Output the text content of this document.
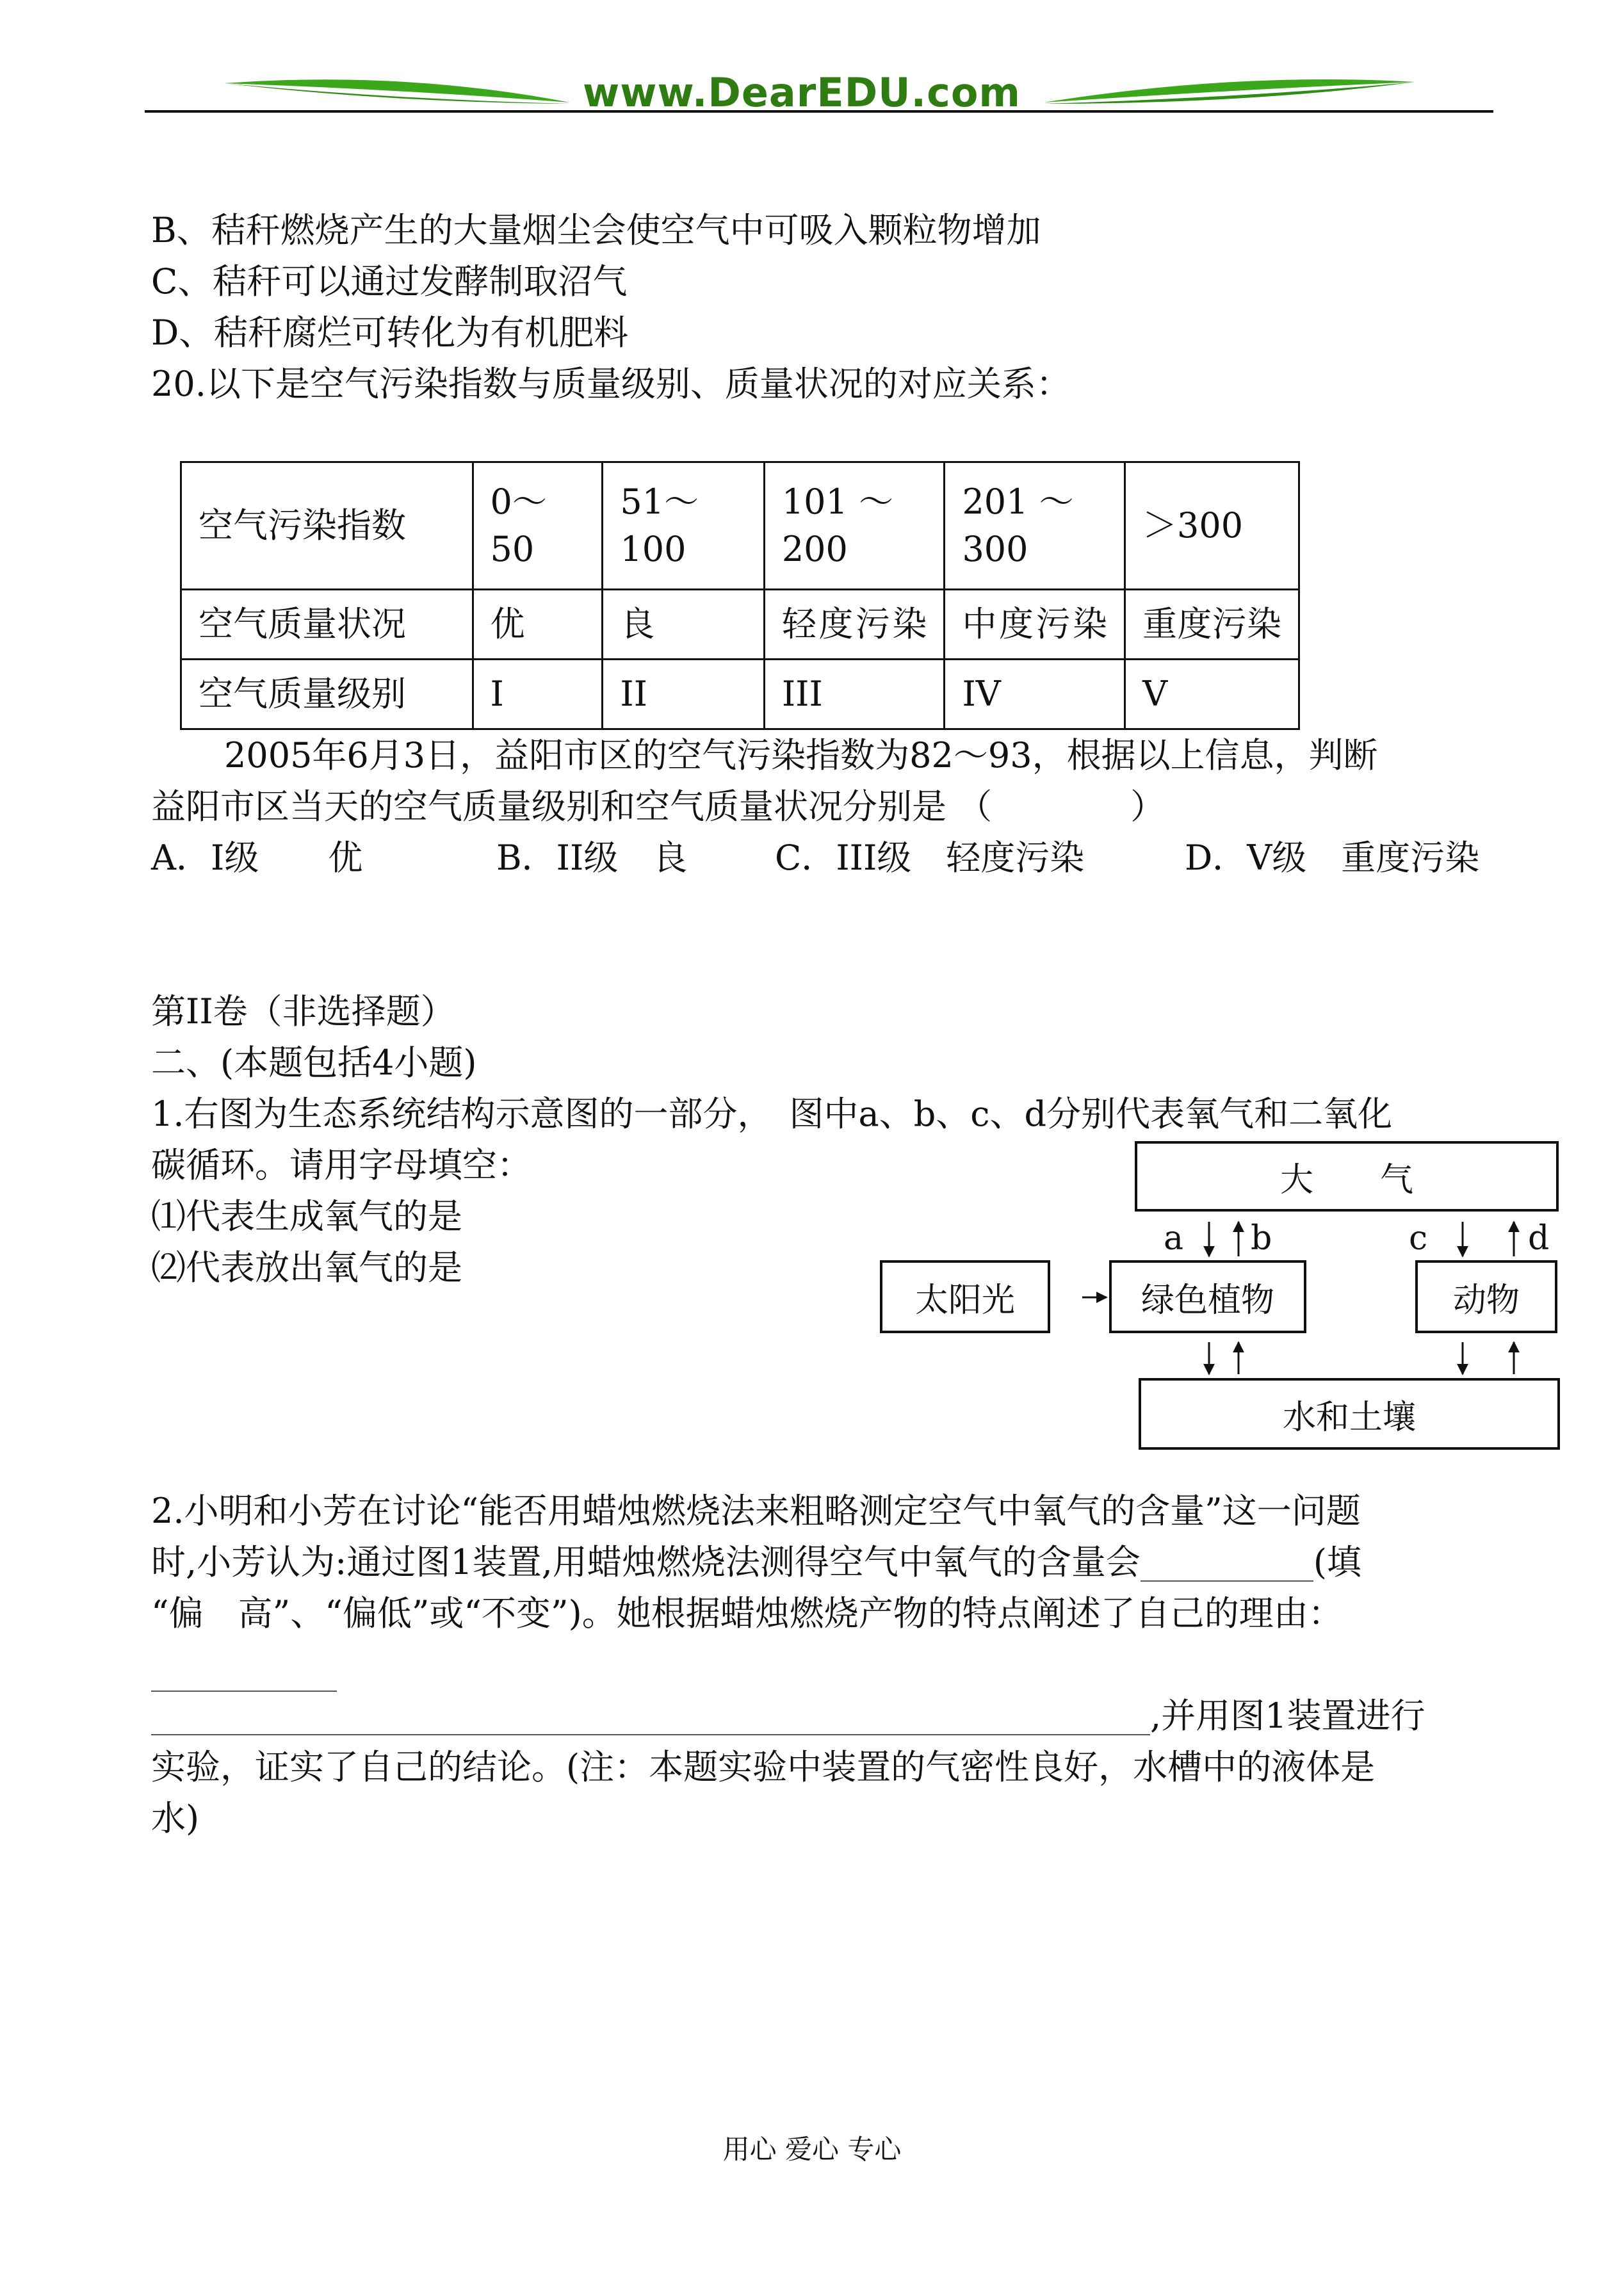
www.DearEDU.com
B、秸秆燃烧产生的大量烟尘会使空气中可吸入颗粒物增加
C、秸秆可以通过发酵制取沼气
D、秸秆腐烂可转化为有机肥料
20.以下是空气污染指数与质量级别、质量状况的对应关系：
空气污染指数	0～50	51～100	101 ～ 200	201 ～ 300	＞300
空气质量状况	优	良	轻度污染	中度污染	重度污染
空气质量级别	I	II	III	IV	V
2005年6月3日，益阳市区的空气污染指数为82～93，根据以上信息，判断
益阳市区当天的空气质量级别和空气质量状况分别是 （　　　　）
A．I级　　优	B．II级　良	C．III级　轻度污染	D．V级　重度污染
第II卷（非选择题）
二、(本题包括4小题)
1.右图为生态系统结构示意图的一部分，　图中a、b、c、d分别代表氧气和二氧化
碳循环。请用字母填空：
⑴代表生成氧气的是
⑵代表放出氧气的是
大　　气
太阳光	绿色植物	动物
水和土壤
a b	c	d
2.小明和小芳在讨论“能否用蜡烛燃烧法来粗略测定空气中氧气的含量”这一问题
时,小芳认为:通过图1装置,用蜡烛燃烧法测得空气中氧气的含量会	(填
“偏　高”、“偏低”或“不变”)。她根据蜡烛燃烧产物的特点阐述了自己的理由：
,并用图1装置进行
实验，证实了自己的结论。(注：本题实验中装置的气密性良好，水槽中的液体是
水)
用心 爱心 专心
